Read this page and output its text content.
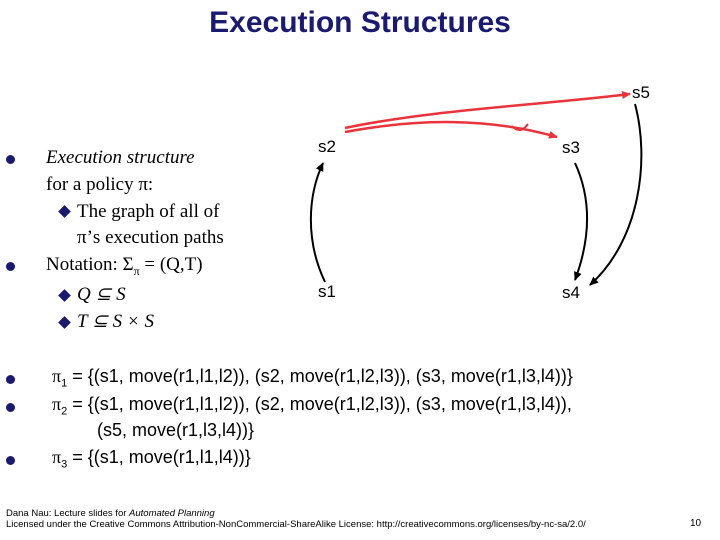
Execution Structures
s2	s3
s1	s4
s5
Execution structure
for a policy π:
The graph of all of
π’s execution paths
Notation: $\Sigma_\pi = (Q,T)$
Q ⊆ S
T ⊆ S × S
$\pi_1 = \{(s1$, move(r1,l1,l2)), (s2, move(r1,l2,l3)), (s3, move(r1,l3,l4))}
$\pi_2 = \{(s1$, move(r1,l1,l2)), (s2, move(r1,l2,l3)), (s3, move(r1,l3,l4)),
(s5, move(r1,l3,l4))}
$\pi_3 = \{(s1$, move(r1,l1,l4))}
Dana Nau: Lecture slides for Automated Planning
Licensed under the Creative Commons Attribution-NonCommercial-ShareAlike License: http://creativecommons.org/licenses/by-nc-sa/2.0/	10
